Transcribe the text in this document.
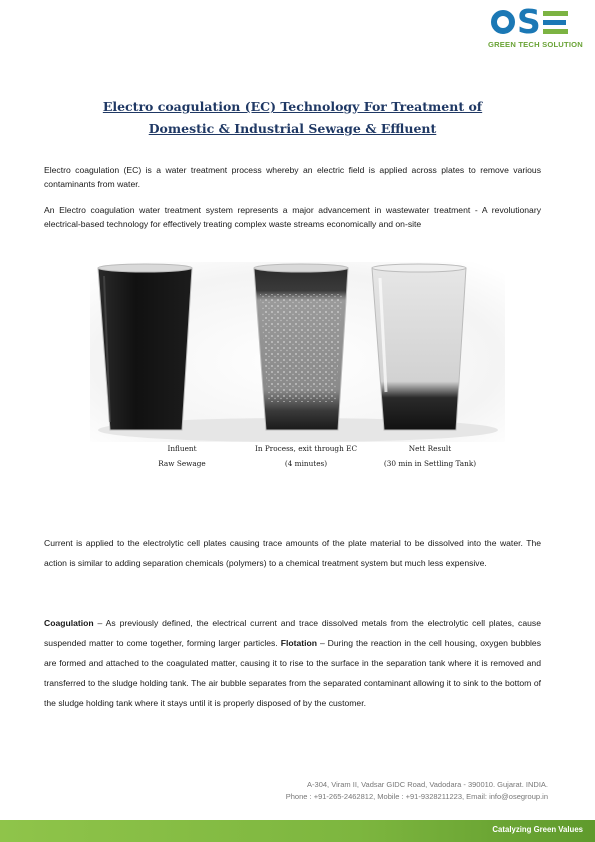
S
GREEN TECH SOLUTION
Electro coagulation (EC) Technology For Treatment of
Domestic & Industrial Sewage & Effluent

Electro coagulation (EC) is a water treatment process whereby an electric field is applied across plates to remove various contaminants from water.

An Electro coagulation water treatment system represents a major advancement in wastewater treatment - A revolutionary electrical-based technology for effectively treating complex waste streams economically and on-site

Influent
Raw Sewage
In Process, exit through EC
(4 minutes)
Nett Result
(30 min in Settling Tank)

Current is applied to the electrolytic cell plates causing trace amounts of the plate material to be dissolved into the water. The action is similar to adding separation chemicals (polymers) to a chemical treatment system but much less expensive.

Coagulation – As previously defined, the electrical current and trace dissolved metals from the electrolytic cell plates, cause suspended matter to come together, forming larger particles. Flotation – During the reaction in the cell housing, oxygen bubbles are formed and attached to the coagulated matter, causing it to rise to the surface in the separation tank where it is removed and transferred to the sludge holding tank. The air bubble separates from the separated contaminant allowing it to sink to the bottom of the sludge holding tank where it stays until it is properly disposed of by the customer.

A-304, Viram II, Vadsar GIDC Road, Vadodara - 390010. Gujarat. INDIA.
Phone : +91-265-2462812, Mobile : +91-9328211223, Email: info@osegroup.in
Catalyzing Green Values
